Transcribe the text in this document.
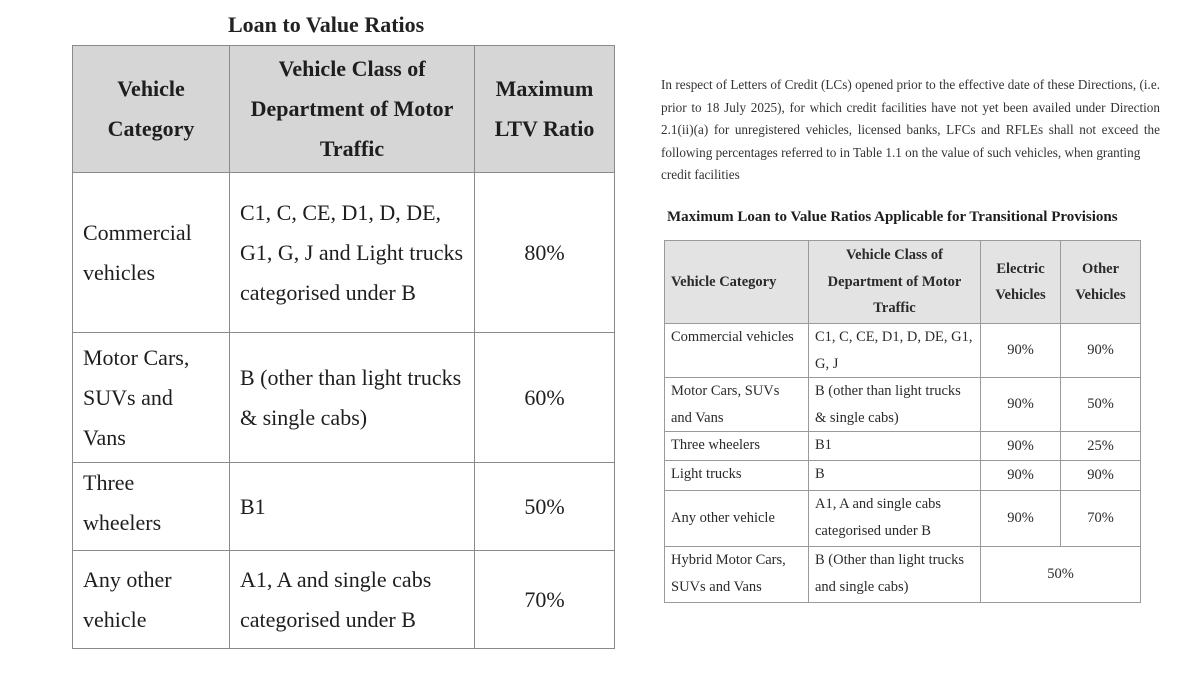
Loan to Value Ratios
Vehicle Category	Vehicle Class of Department of Motor Traffic	Maximum LTV Ratio
Commercial vehicles	C1, C, CE, D1, D, DE, G1, G, J and Light trucks categorised under B	80%
Motor Cars, SUVs and Vans	B (other than light trucks & single cabs)	60%
Three wheelers	B1	50%
Any other vehicle	A1, A and single cabs categorised under B	70%
In respect of Letters of Credit (LCs) opened prior to the effective date of these Directions, (i.e. prior to 18 July 2025), for which credit facilities have not yet been availed under Direction 2.1(ii)(a) for unregistered vehicles, licensed banks, LFCs and RFLEs shall not exceed the following percentages referred to in Table 1.1 on the value of such vehicles, when granting
credit facilities
Maximum Loan to Value Ratios Applicable for Transitional Provisions
Vehicle Category	Vehicle Class of Department of Motor Traffic	Electric Vehicles	Other Vehicles
Commercial vehicles	C1, C, CE, D1, D, DE, G1, G, J	90%	90%
Motor Cars, SUVs and Vans	B (other than light trucks & single cabs)	90%	50%
Three wheelers	B1	90%	25%
Light trucks	B	90%	90%
Any other vehicle	A1, A and single cabs categorised under B	90%	70%
Hybrid Motor Cars, SUVs and Vans	B (Other than light trucks and single cabs)	50%	
